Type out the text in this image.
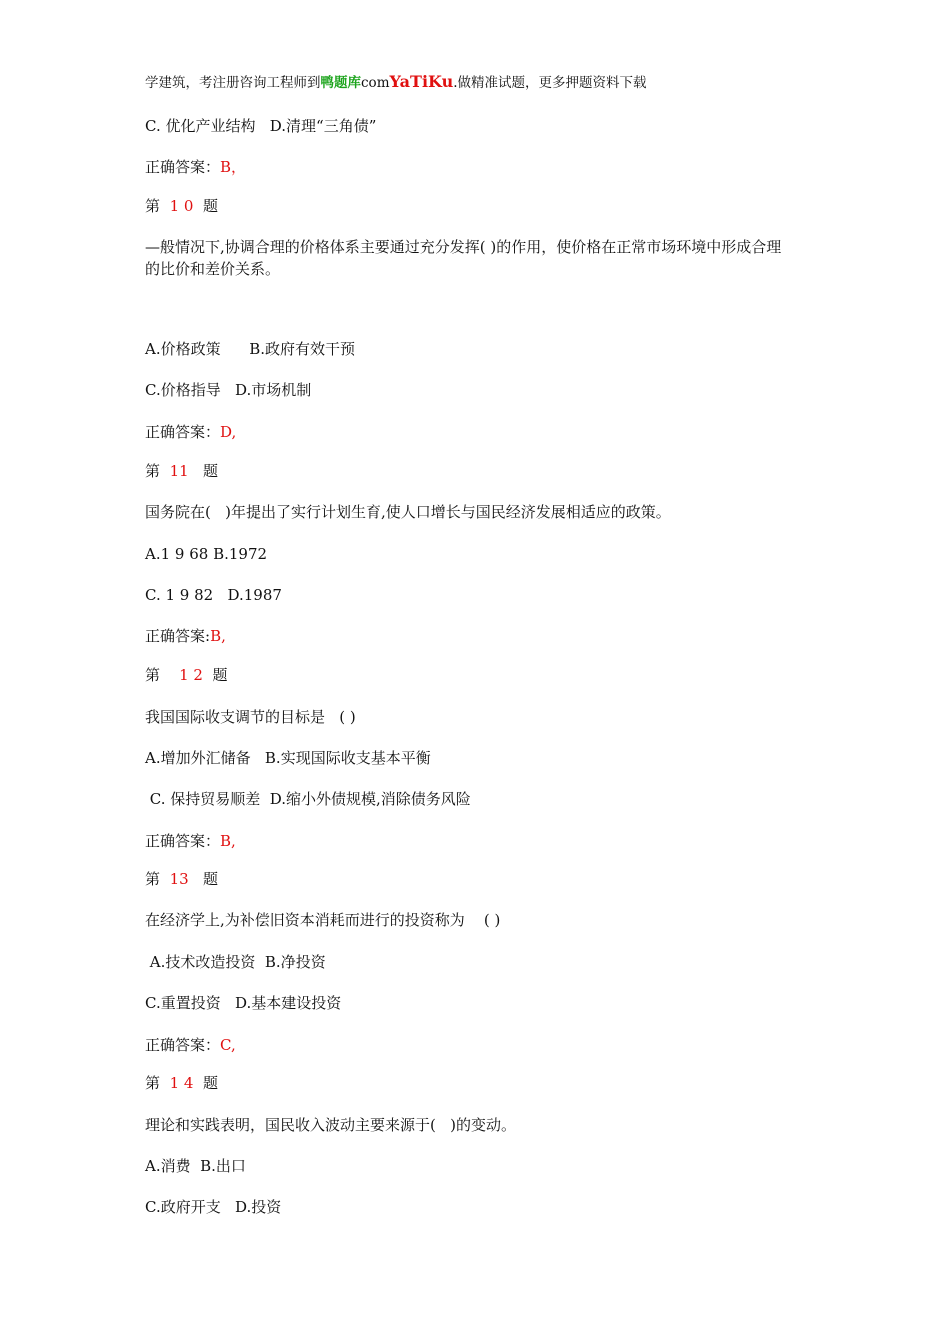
学建筑，考注册咨询工程师到鸭题库comYaTiKu.做精准试题，更多押题资料下载
C. 优化产业结构   D.清理“三角债”
正确答案：B，
第 1 0 题
—般情况下,协调合理的价格体系主要通过充分发挥( )的作用，使价格在正常市场环境中形成合理的比价和差价关系。
A.价格政策      B.政府有效干预
C.价格指导   D.市场机制
正确答案：D,
第 11 题
国务院在(   )年提出了实行计划生育,使人口增长与国民经济发展相适应的政策。
A.1 9 68 B.1972
C. 1 9 82   D.1987
正确答案:B,
第 1 2 题
我国国际收支调节的目标是   ( )
A.增加外汇储备   B.实现国际收支基本平衡
C. 保持贸易顺差  D.缩小外债规模,消除债务风险
正确答案：B,
第 13 题
在经济学上,为补偿旧资本消耗而进行的投资称为    ( )
A.技术改造投资  B.净投资
C.重置投资   D.基本建设投资
正确答案：C,
第 1 4 题
理论和实践表明，国民收入波动主要来源于(   )的变动。
A.消费  B.出口
C.政府开支   D.投资
